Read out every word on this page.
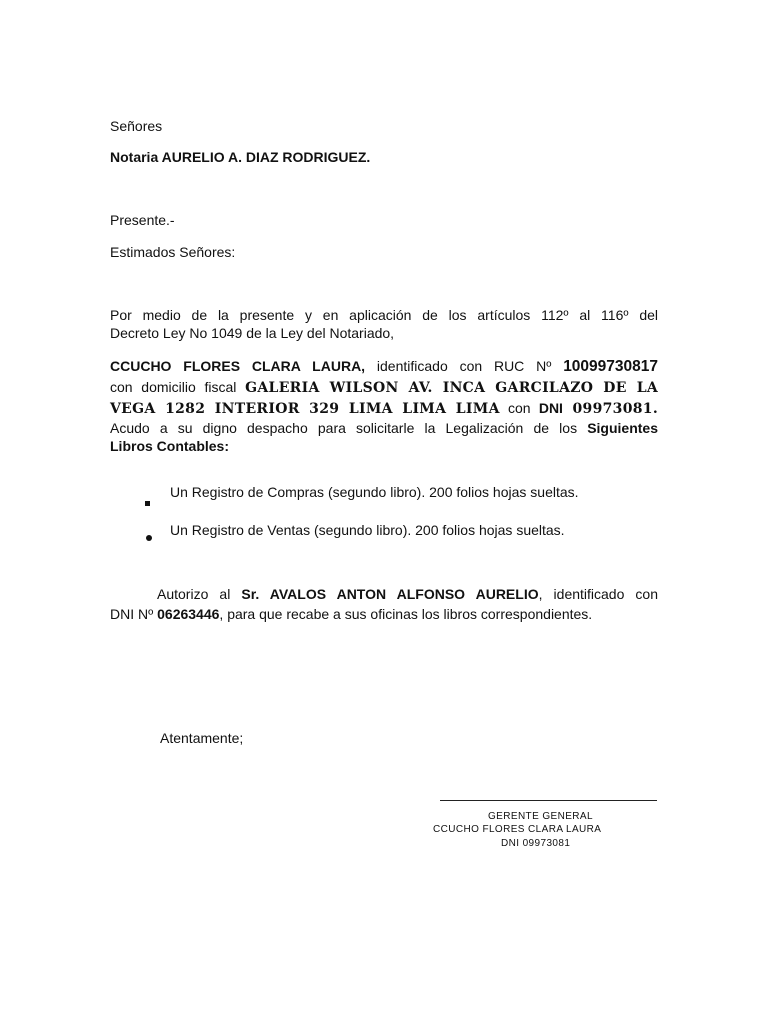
Señores
Notaria AURELIO A. DIAZ RODRIGUEZ.
Presente.-
Estimados Señores:
Por medio de la presente y en aplicación de los artículos 112º al 116º del
Decreto Ley No 1049 de la Ley del Notariado,
CCUCHO FLORES CLARA LAURA, identificado con RUC Nº 10099730817
con domicilio fiscal GALERIA WILSON AV. INCA GARCILAZO DE LA
VEGA 1282 INTERIOR 329 LIMA LIMA LIMA con DNI 09973081.
Acudo a su digno despacho para solicitarle la Legalización de los Siguientes
Libros Contables:
Un Registro de Compras (segundo libro). 200 folios hojas sueltas.
Un Registro de Ventas (segundo libro). 200 folios hojas sueltas.
Autorizo al Sr. AVALOS ANTON ALFONSO AURELIO, identificado con
DNI Nº 06263446, para que recabe a sus oficinas los libros correspondientes.
Atentamente;
GERENTE GENERAL
CCUCHO FLORES CLARA LAURA
DNI 09973081
